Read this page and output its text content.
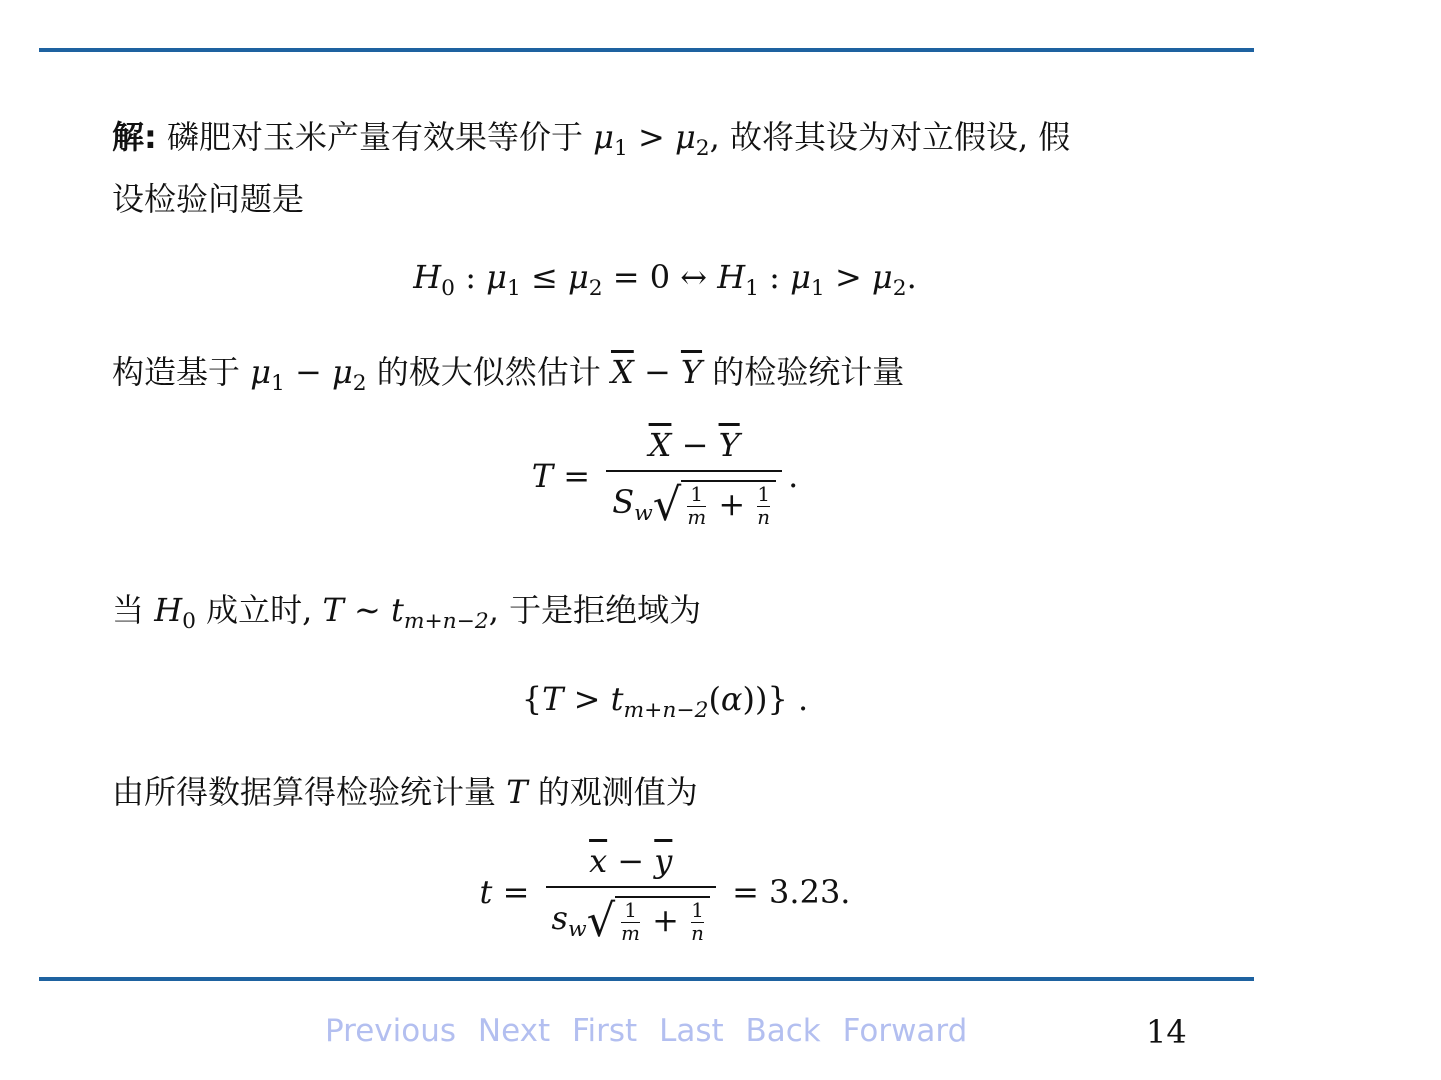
解: 磷肥对玉米产量有效果等价于 $\mu_1 > \mu_2$, 故将其设为对立假设, 假
设检验问题是

$H_0$ : $\mu_1 \le \mu_2 = 0$ ↔ $H_1$ : $\mu_1 > \mu_2$.
构造基于 $\mu_1 - \mu_2$ 的极大似然估计 $\overline{X} - \overline{Y}$ 的检验统计量
$T = \frac{\overline{X} - \overline{Y}}{S_w√ \frac{1}{m} + \frac{1}{n}}$ .
当 $H_0$ 成立时, T ∼ $t_{m+n-2}$, 于是拒绝域为
$\{T > t_{m+n-2}(\alpha))$} .
由所得数据算得检验统计量 T 的观测值为
$t = \frac{\overline{x} - \overline{y}}{s_w√ \frac{1}{m} + \frac{1}{n}} = 3.23$.
Previous Next First Last Back Forward	14
